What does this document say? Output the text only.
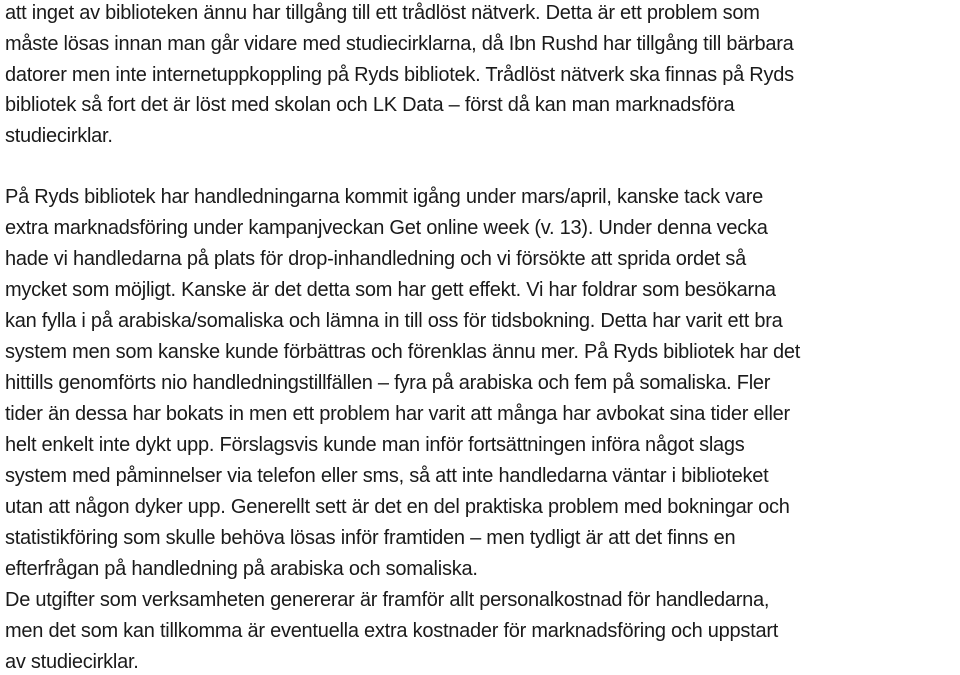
att inget av biblioteken ännu har tillgång till ett trådlöst nätverk. Detta är ett problem som
måste lösas innan man går vidare med studiecirklarna, då Ibn Rushd har tillgång till bärbara
datorer men inte internetuppkoppling på Ryds bibliotek. Trådlöst nätverk ska finnas på Ryds
bibliotek så fort det är löst med skolan och LK Data – först då kan man marknadsföra
studiecirklar.
På Ryds bibliotek har handledningarna kommit igång under mars/april, kanske tack vare
extra marknadsföring under kampanjveckan Get online week (v. 13). Under denna vecka
hade vi handledarna på plats för drop-inhandledning och vi försökte att sprida ordet så
mycket som möjligt. Kanske är det detta som har gett effekt. Vi har foldrar som besökarna
kan fylla i på arabiska/somaliska och lämna in till oss för tidsbokning. Detta har varit ett bra
system men som kanske kunde förbättras och förenklas ännu mer. På Ryds bibliotek har det
hittills genomförts nio handledningstillfällen – fyra på arabiska och fem på somaliska. Fler
tider än dessa har bokats in men ett problem har varit att många har avbokat sina tider eller
helt enkelt inte dykt upp. Förslagsvis kunde man inför fortsättningen införa något slags
system med påminnelser via telefon eller sms, så att inte handledarna väntar i biblioteket
utan att någon dyker upp. Generellt sett är det en del praktiska problem med bokningar och
statistikföring som skulle behöva lösas inför framtiden – men tydligt är att det finns en
efterfrågan på handledning på arabiska och somaliska.
De utgifter som verksamheten genererar är framför allt personalkostnad för handledarna,
men det som kan tillkomma är eventuella extra kostnader för marknadsföring och uppstart
av studiecirklar.
